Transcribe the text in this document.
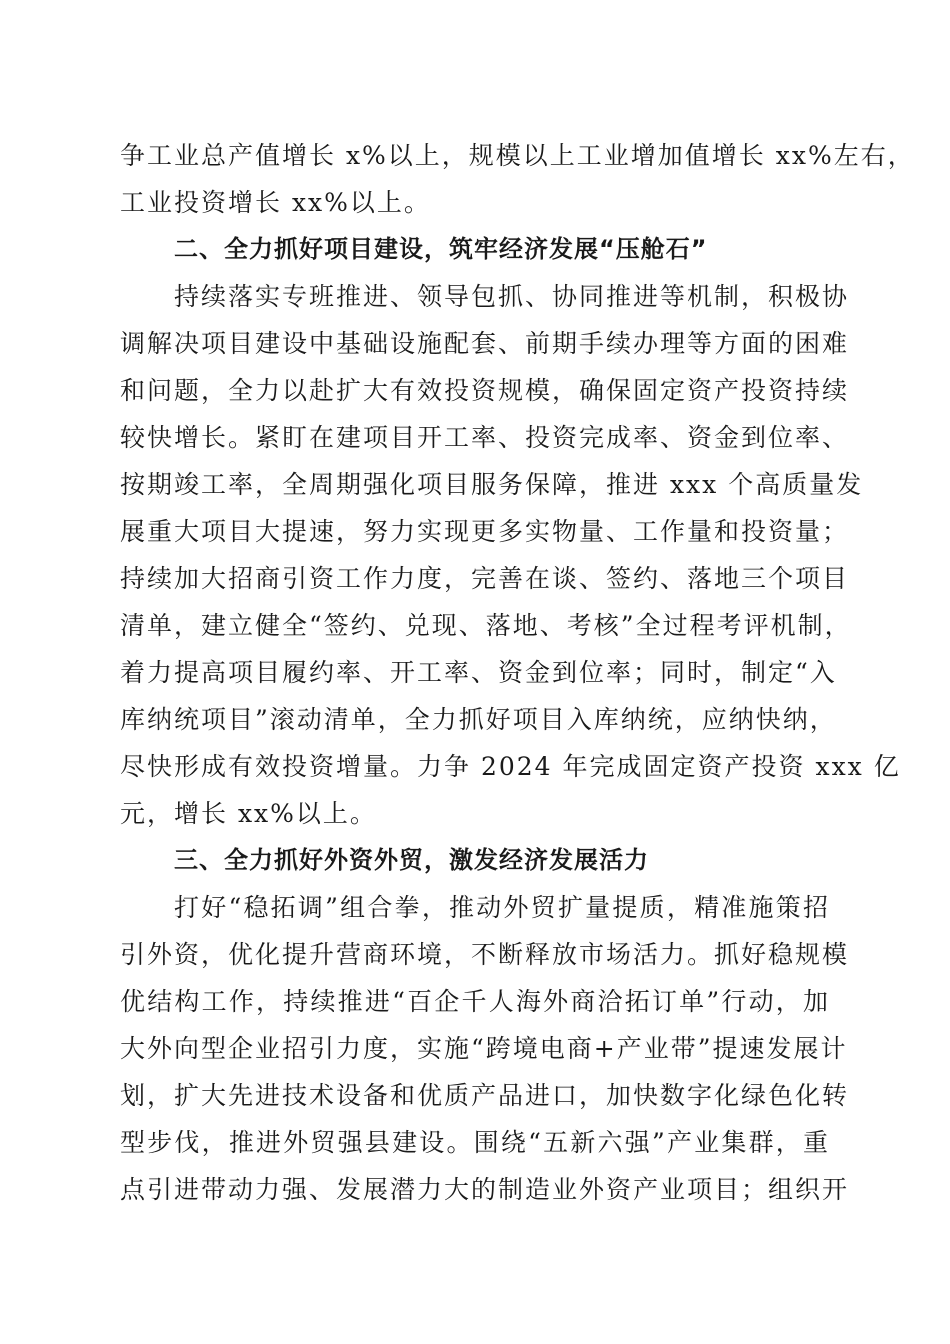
争工业总产值增长 x%以上，规模以上工业增加值增长 xx%左右，
工业投资增长 xx%以上。
二、全力抓好项目建设，筑牢经济发展“压舱石”
持续落实专班推进、领导包抓、协同推进等机制，积极协
调解决项目建设中基础设施配套、前期手续办理等方面的困难
和问题，全力以赴扩大有效投资规模，确保固定资产投资持续
较快增长。紧盯在建项目开工率、投资完成率、资金到位率、
按期竣工率，全周期强化项目服务保障，推进 xxx 个高质量发
展重大项目大提速，努力实现更多实物量、工作量和投资量；
持续加大招商引资工作力度，完善在谈、签约、落地三个项目
清单，建立健全“签约、兑现、落地、考核”全过程考评机制，
着力提高项目履约率、开工率、资金到位率；同时，制定“入
库纳统项目”滚动清单，全力抓好项目入库纳统，应纳快纳，
尽快形成有效投资增量。力争 2024 年完成固定资产投资 xxx 亿
元，增长 xx%以上。
三、全力抓好外资外贸，激发经济发展活力
打好“稳拓调”组合拳，推动外贸扩量提质，精准施策招
引外资，优化提升营商环境，不断释放市场活力。抓好稳规模
优结构工作，持续推进“百企千人海外商洽拓订单”行动，加
大外向型企业招引力度，实施“跨境电商+产业带”提速发展计
划，扩大先进技术设备和优质产品进口，加快数字化绿色化转
型步伐，推进外贸强县建设。围绕“五新六强”产业集群，重
点引进带动力强、发展潜力大的制造业外资产业项目；组织开
